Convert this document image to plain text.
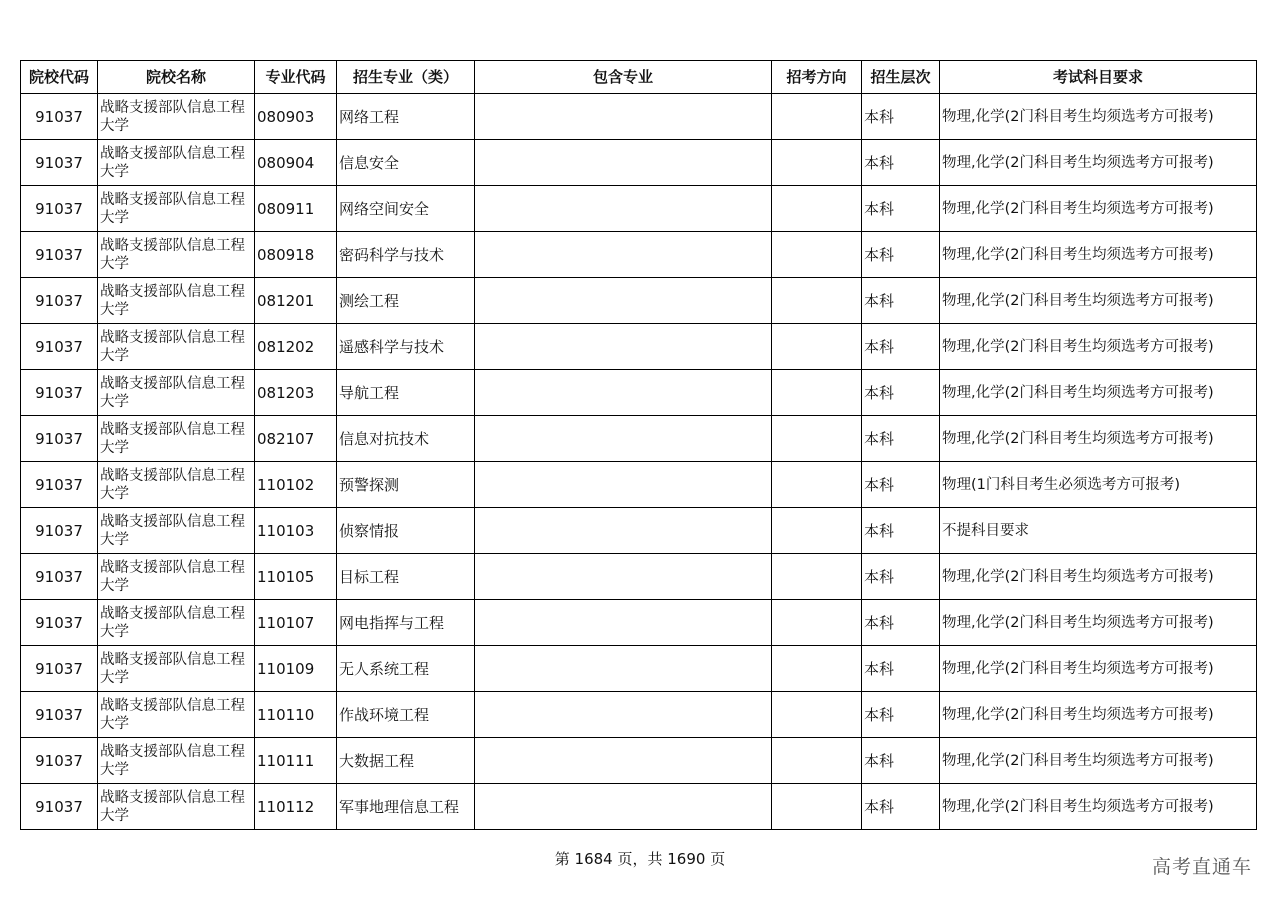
院校代码	院校名称	专业代码	招生专业（类）	包含专业	招考方向	招生层次	考试科目要求
91037	战略支援部队信息工程大学	080903	网络工程			本科	物理,化学(2门科目考生均须选考方可报考)
91037	战略支援部队信息工程大学	080904	信息安全			本科	物理,化学(2门科目考生均须选考方可报考)
91037	战略支援部队信息工程大学	080911	网络空间安全			本科	物理,化学(2门科目考生均须选考方可报考)
91037	战略支援部队信息工程大学	080918	密码科学与技术			本科	物理,化学(2门科目考生均须选考方可报考)
91037	战略支援部队信息工程大学	081201	测绘工程			本科	物理,化学(2门科目考生均须选考方可报考)
91037	战略支援部队信息工程大学	081202	遥感科学与技术			本科	物理,化学(2门科目考生均须选考方可报考)
91037	战略支援部队信息工程大学	081203	导航工程			本科	物理,化学(2门科目考生均须选考方可报考)
91037	战略支援部队信息工程大学	082107	信息对抗技术			本科	物理,化学(2门科目考生均须选考方可报考)
91037	战略支援部队信息工程大学	110102	预警探测			本科	物理(1门科目考生必须选考方可报考)
91037	战略支援部队信息工程大学	110103	侦察情报			本科	不提科目要求
91037	战略支援部队信息工程大学	110105	目标工程			本科	物理,化学(2门科目考生均须选考方可报考)
91037	战略支援部队信息工程大学	110107	网电指挥与工程			本科	物理,化学(2门科目考生均须选考方可报考)
91037	战略支援部队信息工程大学	110109	无人系统工程			本科	物理,化学(2门科目考生均须选考方可报考)
91037	战略支援部队信息工程大学	110110	作战环境工程			本科	物理,化学(2门科目考生均须选考方可报考)
91037	战略支援部队信息工程大学	110111	大数据工程			本科	物理,化学(2门科目考生均须选考方可报考)
91037	战略支援部队信息工程大学	110112	军事地理信息工程			本科	物理,化学(2门科目考生均须选考方可报考)
第 1684 页，共 1690 页	高考直通车
